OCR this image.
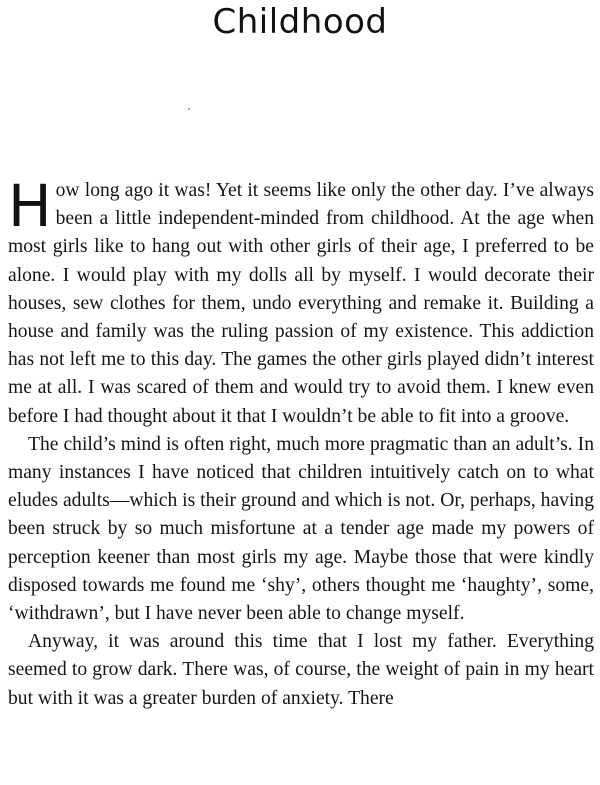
Childhood

How long ago it was! Yet it seems like only the other day. I’ve always been a little independent-minded from childhood. At the age when most girls like to hang out with other girls of their age, I preferred to be alone. I would play with my dolls all by myself. I would decorate their houses, sew clothes for them, undo everything and remake it. Building a house and family was the ruling passion of my existence. This addiction has not left me to this day. The games the other girls played didn’t interest me at all. I was scared of them and would try to avoid them. I knew even before I had thought about it that I wouldn’t be able to fit into a groove.

The child’s mind is often right, much more pragmatic than an adult’s. In many instances I have noticed that children intuitively catch on to what eludes adults—which is their ground and which is not. Or, perhaps, having been struck by so much misfortune at a tender age made my powers of perception keener than most girls my age. Maybe those that were kindly disposed towards me found me ‘shy’, others thought me ‘haughty’, some, ‘withdrawn’, but I have never been able to change myself.

Anyway, it was around this time that I lost my father. Everything seemed to grow dark. There was, of course, the weight of pain in my heart but with it was a greater burden of anxiety. There
